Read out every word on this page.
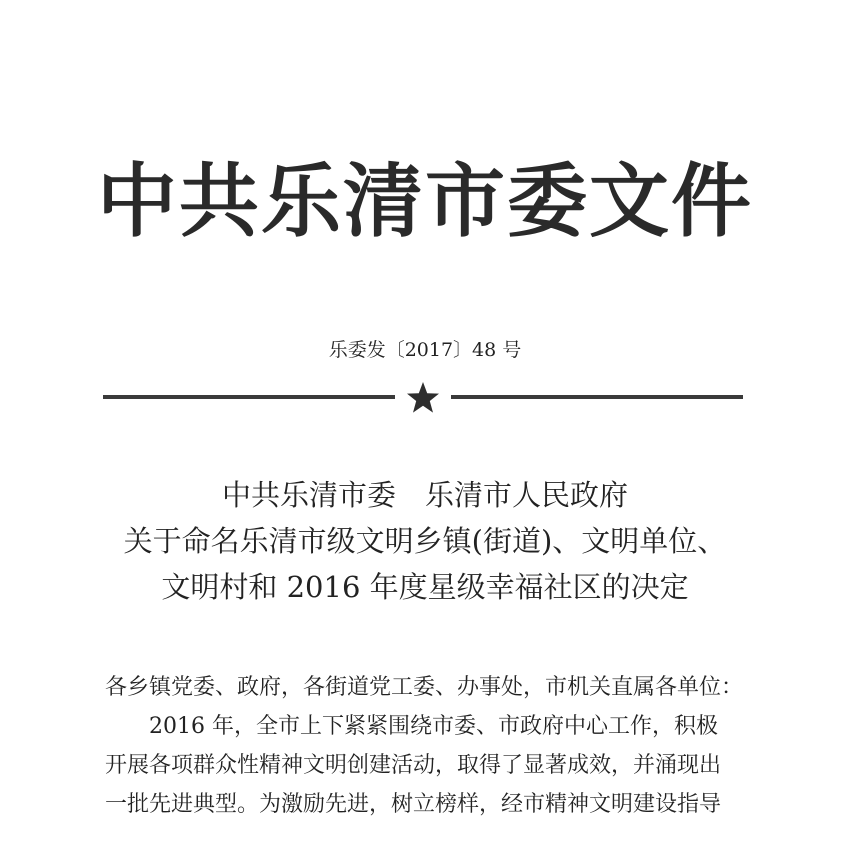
中共乐清市委文件
乐委发〔2017〕48 号
中共乐清市委　乐清市人民政府
关于命名乐清市级文明乡镇(街道)、文明单位、
文明村和 2016 年度星级幸福社区的决定
各乡镇党委、政府，各街道党工委、办事处，市机关直属各单位：
2016 年，全市上下紧紧围绕市委、市政府中心工作，积极
开展各项群众性精神文明创建活动，取得了显著成效，并涌现出
一批先进典型。为激励先进，树立榜样，经市精神文明建设指导
